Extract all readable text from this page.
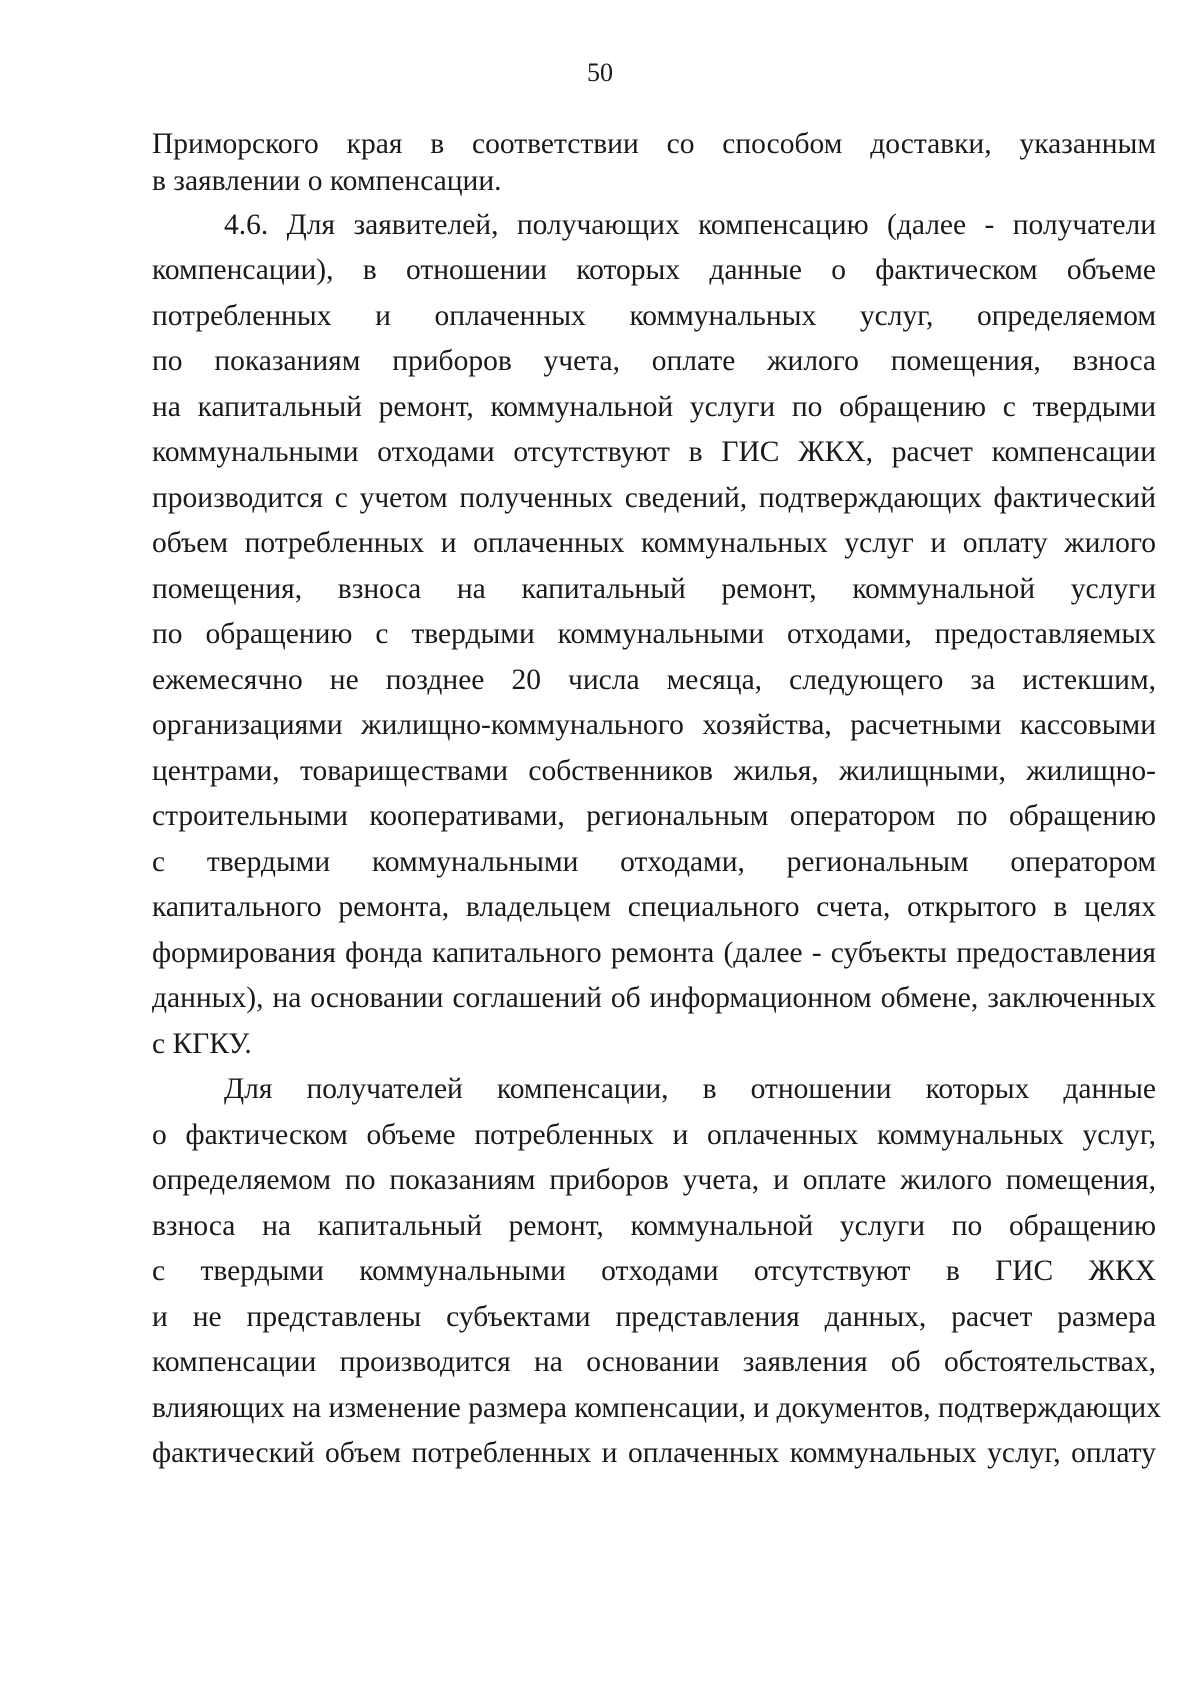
50
Приморского края в соответствии со способом доставки, указанным
в заявлении о компенсации.
4.6. Для заявителей, получающих компенсацию (далее - получатели
компенсации), в отношении которых данные о фактическом объеме
потребленных и оплаченных коммунальных услуг, определяемом
по показаниям приборов учета, оплате жилого помещения, взноса
на капитальный ремонт, коммунальной услуги по обращению с твердыми
коммунальными отходами отсутствуют в ГИС ЖКХ, расчет компенсации
производится с учетом полученных сведений, подтверждающих фактический
объем потребленных и оплаченных коммунальных услуг и оплату жилого
помещения, взноса на капитальный ремонт, коммунальной услуги
по обращению с твердыми коммунальными отходами, предоставляемых
ежемесячно не позднее 20 числа месяца, следующего за истекшим,
организациями жилищно-коммунального хозяйства, расчетными кассовыми
центрами, товариществами собственников жилья, жилищными, жилищно-
строительными кооперативами, региональным оператором по обращению
с твердыми коммунальными отходами, региональным оператором
капитального ремонта, владельцем специального счета, открытого в целях
формирования фонда капитального ремонта (далее - субъекты предоставления
данных), на основании соглашений об информационном обмене, заключенных
с КГКУ.
Для получателей компенсации, в отношении которых данные
о фактическом объеме потребленных и оплаченных коммунальных услуг,
определяемом по показаниям приборов учета, и оплате жилого помещения,
взноса на капитальный ремонт, коммунальной услуги по обращению
с твердыми коммунальными отходами отсутствуют в ГИС ЖКХ
и не представлены субъектами представления данных, расчет размера
компенсации производится на основании заявления об обстоятельствах,
влияющих на изменение размера компенсации, и документов, подтверждающих
фактический объем потребленных и оплаченных коммунальных услуг, оплату
